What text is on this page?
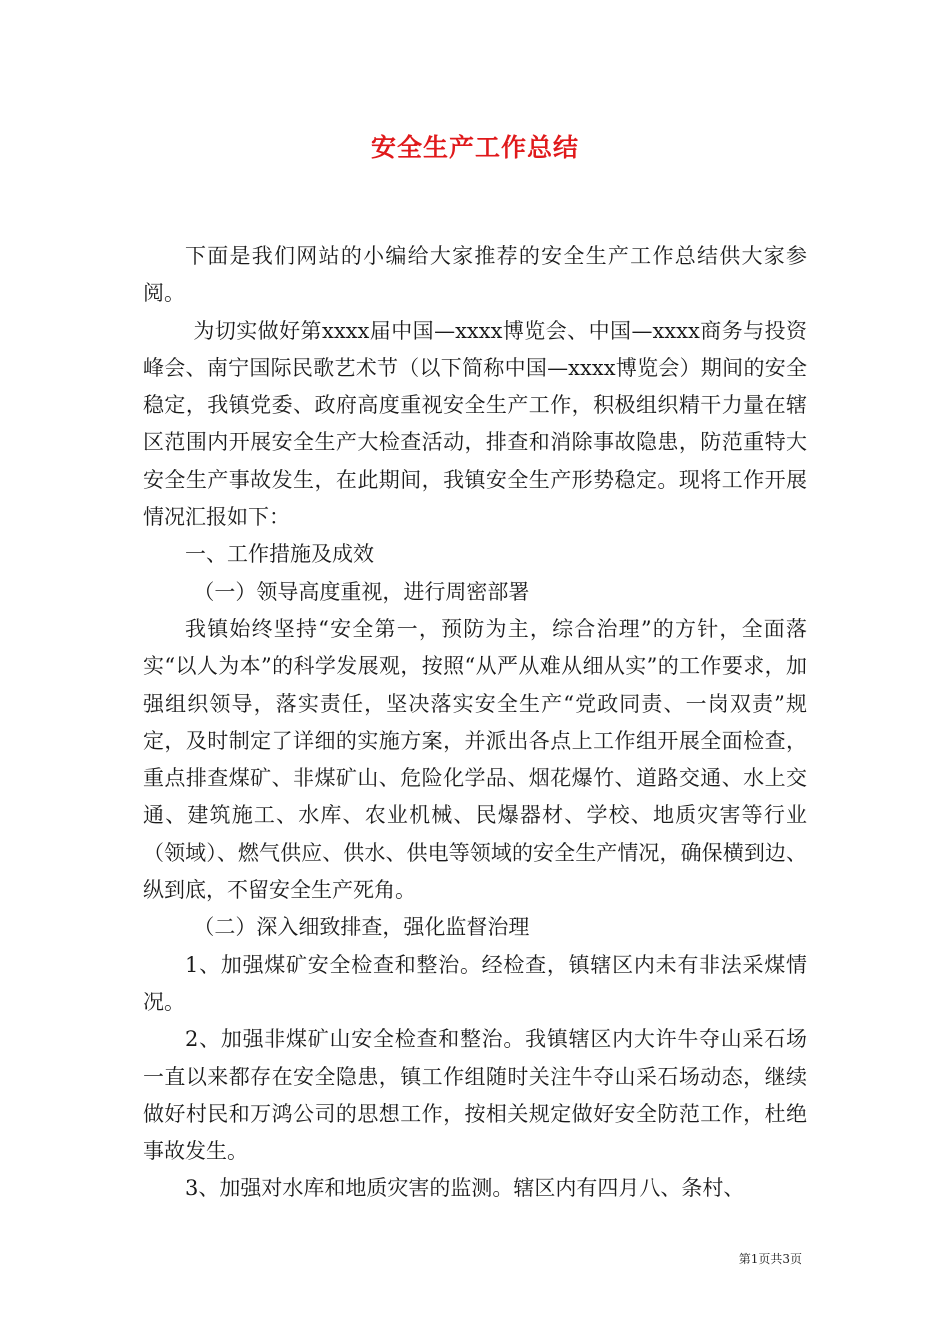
安全生产工作总结

下面是我们网站的小编给大家推荐的安全生产工作总结供大家参阅。

为切实做好第xxxx届中国—xxxx博览会、中国—xxxx商务与投资峰会、南宁国际民歌艺术节（以下简称中国—xxxx博览会）期间的安全稳定，我镇党委、政府高度重视安全生产工作，积极组织精干力量在辖区范围内开展安全生产大检查活动，排查和消除事故隐患，防范重特大安全生产事故发生，在此期间，我镇安全生产形势稳定。现将工作开展情况汇报如下：

一、工作措施及成效

（一）领导高度重视，进行周密部署

我镇始终坚持“安全第一，预防为主，综合治理”的方针，全面落实“以人为本”的科学发展观，按照“从严从难从细从实”的工作要求，加强组织领导，落实责任，坚决落实安全生产“党政同责、一岗双责”规定，及时制定了详细的实施方案，并派出各点上工作组开展全面检查，重点排查煤矿、非煤矿山、危险化学品、烟花爆竹、道路交通、水上交通、建筑施工、水库、农业机械、民爆器材、学校、地质灾害等行业（领域）、燃气供应、供水、供电等领域的安全生产情况，确保横到边、纵到底，不留安全生产死角。

（二）深入细致排查，强化监督治理

1、加强煤矿安全检查和整治。经检查，镇辖区内未有非法采煤情况。

2、加强非煤矿山安全检查和整治。我镇辖区内大许牛夺山采石场一直以来都存在安全隐患，镇工作组随时关注牛夺山采石场动态，继续做好村民和万鸿公司的思想工作，按相关规定做好安全防范工作，杜绝事故发生。

3、加强对水库和地质灾害的监测。辖区内有四月八、条村、

第1页共3页
